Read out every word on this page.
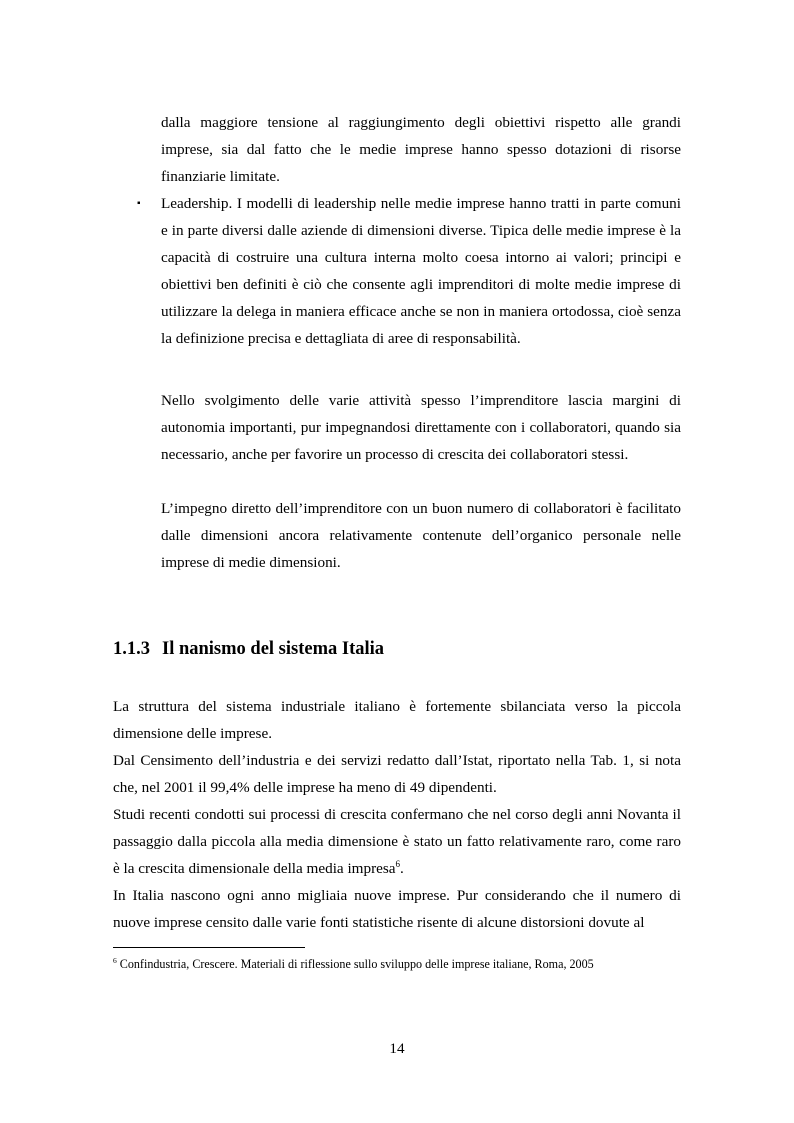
dalla maggiore tensione al raggiungimento degli obiettivi rispetto alle grandi imprese, sia dal fatto che le medie imprese hanno spesso dotazioni di risorse finanziarie limitate.

▪ Leadership. I modelli di leadership nelle medie imprese hanno tratti in parte comuni e in parte diversi dalle aziende di dimensioni diverse. Tipica delle medie imprese è la capacità di costruire una cultura interna molto coesa intorno ai valori; principi e obiettivi ben definiti è ciò che consente agli imprenditori di molte medie imprese di utilizzare la delega in maniera efficace anche se non in maniera ortodossa, cioè senza la definizione precisa e dettagliata di aree di responsabilità.

Nello svolgimento delle varie attività spesso l’imprenditore lascia margini di autonomia importanti, pur impegnandosi direttamente con i collaboratori, quando sia necessario, anche per favorire un processo di crescita dei collaboratori stessi.

L’impegno diretto dell’imprenditore con un buon numero di collaboratori è facilitato dalle dimensioni ancora relativamente contenute dell’organico personale nelle imprese di medie dimensioni.

1.1.3 Il nanismo del sistema Italia

La struttura del sistema industriale italiano è fortemente sbilanciata verso la piccola dimensione delle imprese.

Dal Censimento dell’industria e dei servizi redatto dall’Istat, riportato nella Tab. 1, si nota che, nel 2001 il 99,4% delle imprese ha meno di 49 dipendenti.

Studi recenti condotti sui processi di crescita confermano che nel corso degli anni Novanta il passaggio dalla piccola alla media dimensione è stato un fatto relativamente raro, come raro è la crescita dimensionale della media impresa$^6$.

In Italia nascono ogni anno migliaia nuove imprese. Pur considerando che il numero di nuove imprese censito dalle varie fonti statistiche risente di alcune distorsioni dovute al

$^6$ Confindustria, Crescere. Materiali di riflessione sullo sviluppo delle imprese italiane, Roma, 2005

14
